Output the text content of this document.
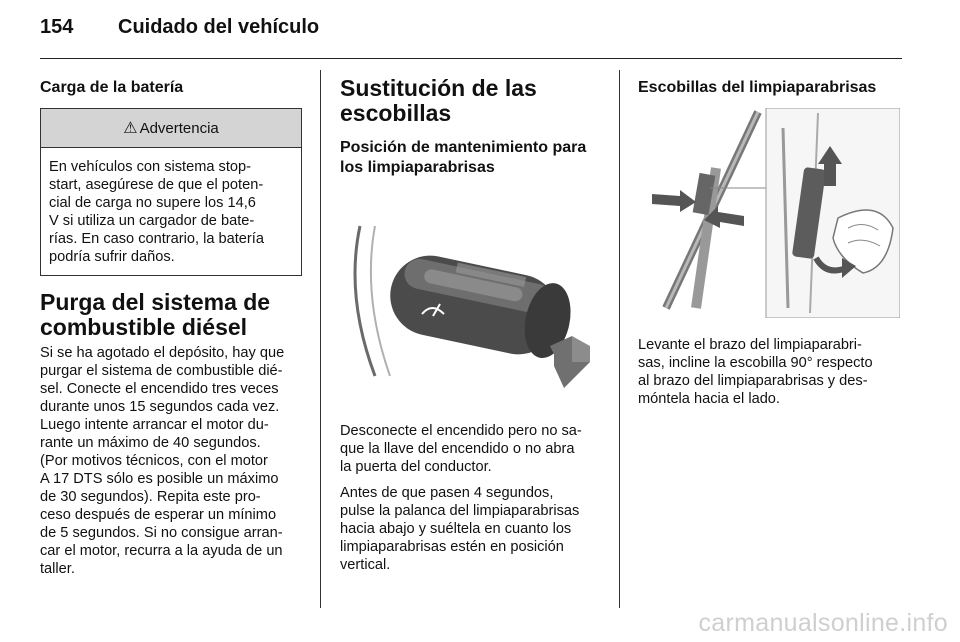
154	Cuidado del vehículo
Carga de la batería
⚠ Advertencia
En vehículos con sistema stop-
start, asegúrese de que el poten-
cial de carga no supere los 14,6
V si utiliza un cargador de bate-
rías. En caso contrario, la batería
podría sufrir daños.
Purga del sistema de
combustible diésel
Si se ha agotado el depósito, hay que
purgar el sistema de combustible dié-
sel. Conecte el encendido tres veces
durante unos 15 segundos cada vez.
Luego intente arrancar el motor du-
rante un máximo de 40 segundos.
(Por motivos técnicos, con el motor
A 17 DTS sólo es posible un máximo
de 30 segundos). Repita este pro-
ceso después de esperar un mínimo
de 5 segundos. Si no consigue arran-
car el motor, recurra a la ayuda de un
taller.
Sustitución de las
escobillas
Posición de mantenimiento para
los limpiaparabrisas
Desconecte el encendido pero no sa-
que la llave del encendido o no abra
la puerta del conductor.
Antes de que pasen 4 segundos,
pulse la palanca del limpiaparabrisas
hacia abajo y suéltela en cuanto los
limpiaparabrisas estén en posición
vertical.
Escobillas del limpiaparabrisas
Levante el brazo del limpiaparabri-
sas, incline la escobilla 90° respecto
al brazo del limpiaparabrisas y des-
móntela hacia el lado.
carmanualsonline.info
